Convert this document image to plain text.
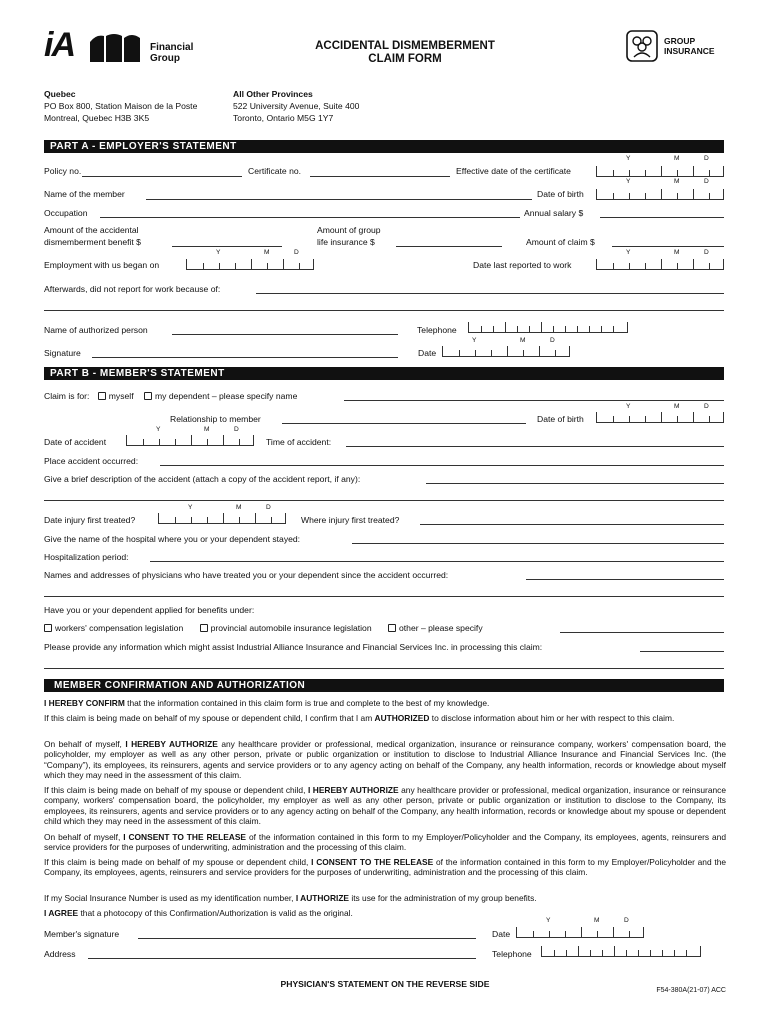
iA	Financial
Group
ACCIDENTAL DISMEMBERMENT
CLAIM FORM
GROUP
INSURANCE
Quebec
PO Box 800, Station Maison de la Poste
Montreal, Quebec H3B 3K5
All Other Provinces
522 University Avenue, Suite 400
Toronto, Ontario M5G 1Y7
PART A - EMPLOYER'S STATEMENT
Y	M	D
Policy no.	Certificate no.	Effective date of the certificate
Y	M	D
Name of the member	Date of birth
Occupation	Annual salary $
Amount of the accidental
dismemberment benefit $
Amount of group
life insurance $	Amount of claim $
Y	M	D	Y	M	D
Employment with us began on	Date last reported to work
Afterwards, did not report for work because of:
Name of authorized person	Telephone
Y	M	D
Signature	Date
PART B - MEMBER'S STATEMENT
Claim is for: myself my dependent – please specify name
Y	M	D
Relationship to member	Date of birth
Y	M	D
Date of accident	Time of accident:
Place accident occurred:
Give a brief description of the accident (attach a copy of the accident report, if any):
Y	M	D
Date injury first treated?	Where injury first treated?
Give the name of the hospital where you or your dependent stayed:
Hospitalization period:
Names and addresses of physicians who have treated you or your dependent since the accident occurred:
Have you or your dependent applied for benefits under:
workers' compensation legislation	provincial automobile insurance legislation	other – please specify
Please provide any information which might assist Industrial Alliance Insurance and Financial Services Inc. in processing this claim:
MEMBER CONFIRMATION AND AUTHORIZATION
I HEREBY CONFIRM that the information contained in this claim form is true and complete to the best of my knowledge.
If this claim is being made on behalf of my spouse or dependent child, I confirm that I am AUTHORIZED to disclose information about him or her with respect to this claim.
On behalf of myself, I HEREBY AUTHORIZE any healthcare provider or professional, medical organization, insurance or reinsurance company, workers' compensation board, the policyholder, my employer as well as any other person, private or public organization or institution to disclose to Industrial Alliance Insurance and Financial Services Inc. (the “Company”), its employees, its reinsurers, agents and service providers or to any agency acting on behalf of the Company, any health information, records or knowledge about myself which they may need in the assessment of this claim.
If this claim is being made on behalf of my spouse or dependent child, I HEREBY AUTHORIZE any healthcare provider or professional, medical organization, insurance or reinsurance company, workers' compensation board, the policyholder, my employer as well as any other person, private or public organization or institution to disclose to the Company, its employees, its reinsurers, agents and service providers or to any agency acting on behalf of the Company, any health information, records or knowledge about my spouse or dependent child which they may need in the assessment of this claim.
On behalf of myself, I CONSENT TO THE RELEASE of the information contained in this form to my Employer/Policyholder and the Company, its employees, agents, reinsurers and service providers for the purposes of underwriting, administration and the processing of this claim.
If this claim is being made on behalf of my spouse or dependent child, I CONSENT TO THE RELEASE of the information contained in this form to my Employer/Policyholder and the Company, its employees, agents, reinsurers and service providers for the purposes of underwriting, administration and the processing of this claim.
If my Social Insurance Number is used as my identification number, I AUTHORIZE its use for the administration of my group benefits.
I AGREE that a photocopy of this Confirmation/Authorization is valid as the original.
Y	M	D
Member's signature	Date
Address	Telephone
PHYSICIAN'S STATEMENT ON THE REVERSE SIDE
F54-380A(21-07) ACC
